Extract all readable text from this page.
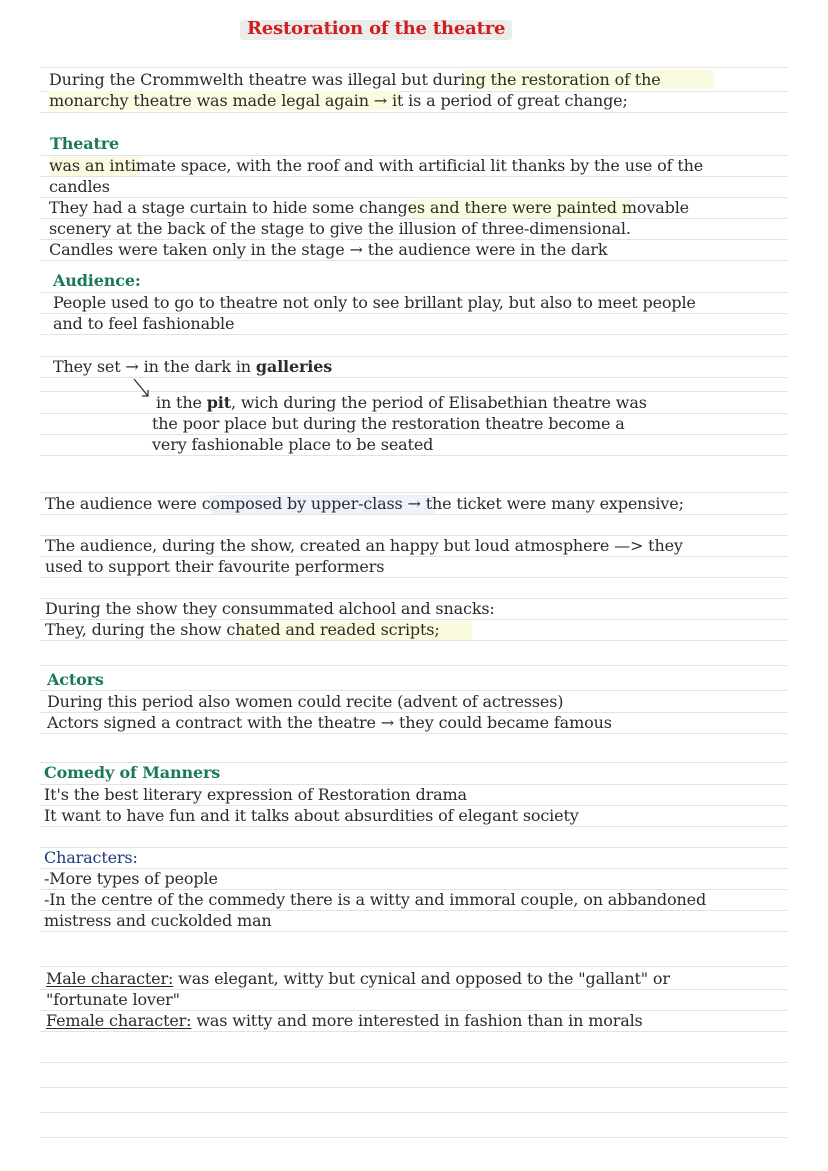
Restoration of the theatre
During the Crommwelth theatre was illegal but during the restoration of the
monarchy theatre was made legal again → it is a period of great change;
Theatre
was an intimate space, with the roof and with artificial lit thanks by the use of the
candles
They had a stage curtain to hide some changes and there were painted movable
scenery at the back of the stage to give the illusion of three-dimensional.
Candles were taken only in the stage → the audience were in the dark
Audience:
People used to go to theatre not only to see brillant play, but also to meet people
and to feel fashionable
They set → in the dark in galleries
in the pit, wich during the period of Elisabethian theatre was
the poor place but during the restoration theatre become a
very fashionable place to be seated
The audience were composed by upper-class → the ticket were many expensive;
The audience, during the show, created an happy but loud atmosphere —> they
used to support their favourite performers
During the show they consummated alchool and snacks:
They, during the show chated and readed scripts;
Actors
During this period also women could recite (advent of actresses)
Actors signed a contract with the theatre → they could became famous
Comedy of Manners
It's the best literary expression of Restoration drama
It want to have fun and it talks about absurdities of elegant society
Characters:
-More types of people
-In the centre of the commedy there is a witty and immoral couple, on abbandoned
mistress and cuckolded man
Male character: was elegant, witty but cynical and opposed to the "gallant" or
"fortunate lover"
Female character: was witty and more interested in fashion than in morals
